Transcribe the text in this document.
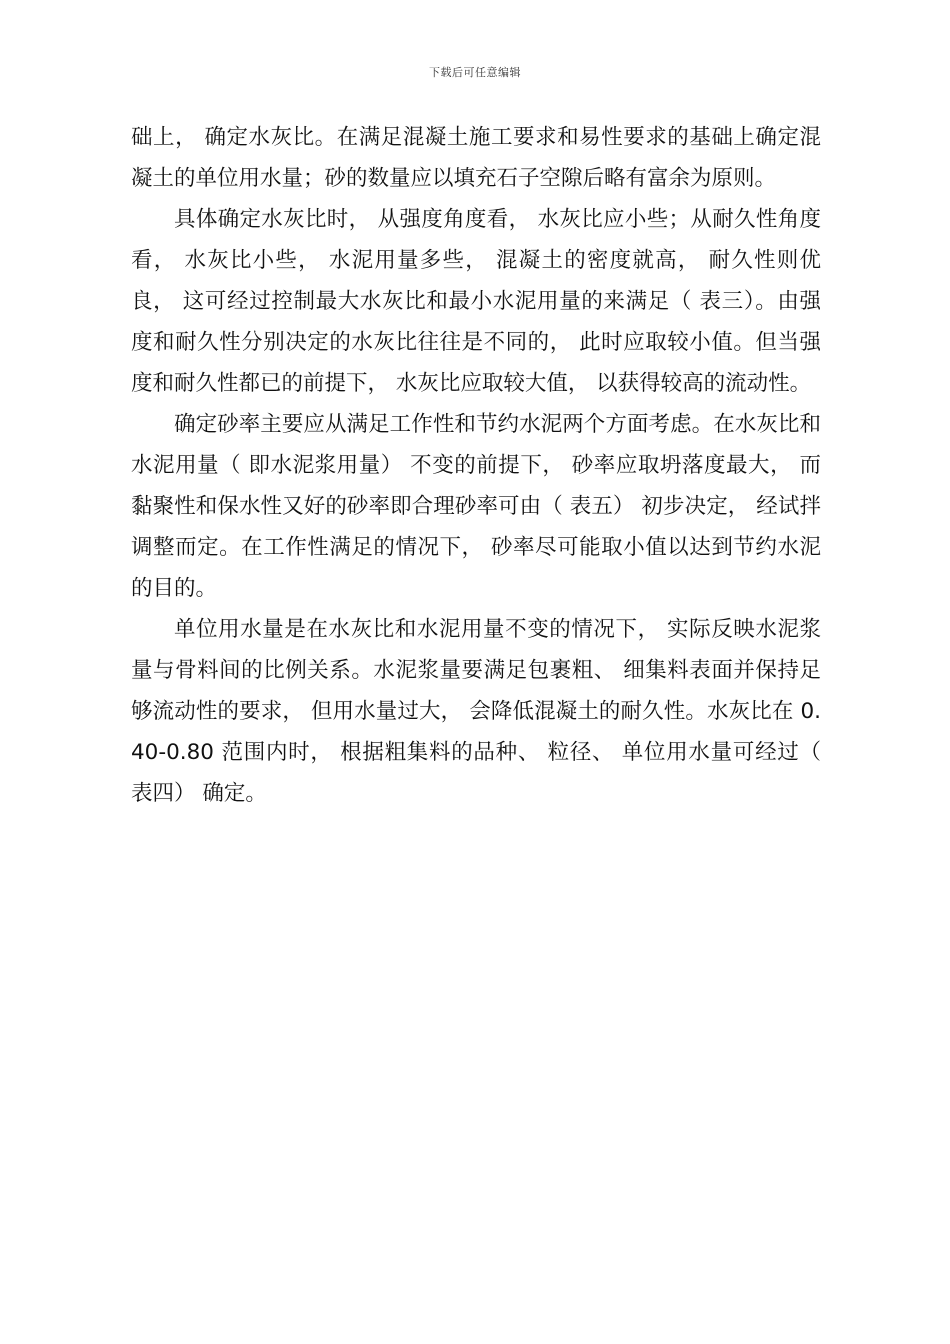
下载后可任意编辑

础上， 确定水灰比。在满足混凝土施工要求和易性要求的基础上确定混凝土的单位用水量；砂的数量应以填充石子空隙后略有富余为原则。

具体确定水灰比时， 从强度角度看， 水灰比应小些；从耐久性角度看， 水灰比小些， 水泥用量多些， 混凝土的密度就高， 耐久性则优良， 这可经过控制最大水灰比和最小水泥用量的来满足（ 表三）。由强度和耐久性分别决定的水灰比往往是不同的， 此时应取较小值。但当强度和耐久性都已的前提下， 水灰比应取较大值， 以获得较高的流动性。

确定砂率主要应从满足工作性和节约水泥两个方面考虑。在水灰比和水泥用量（ 即水泥浆用量） 不变的前提下， 砂率应取坍落度最大， 而黏聚性和保水性又好的砂率即合理砂率可由（ 表五） 初步决定， 经试拌调整而定。在工作性满足的情况下， 砂率尽可能取小值以达到节约水泥的目的。

单位用水量是在水灰比和水泥用量不变的情况下， 实际反映水泥浆量与骨料间的比例关系。水泥浆量要满足包裹粗、 细集料表面并保持足够流动性的要求， 但用水量过大， 会降低混凝土的耐久性。水灰比在 0.40-0.80 范围内时， 根据粗集料的品种、 粒径、 单位用水量可经过（ 表四） 确定。
